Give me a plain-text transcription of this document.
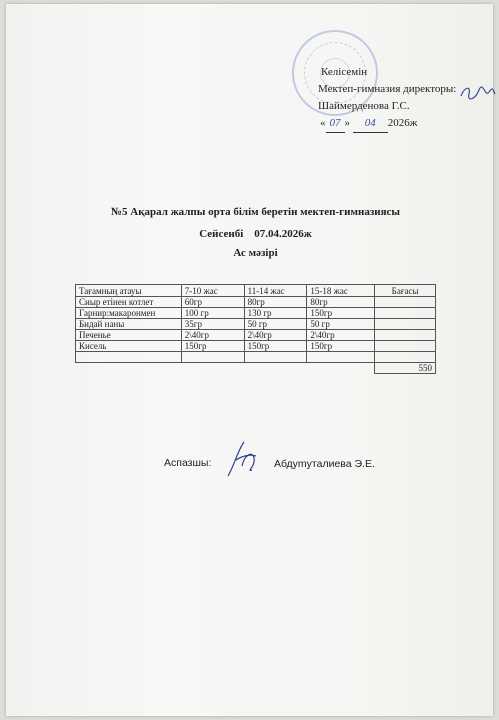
Келісемін
Мектеп-гимназия директоры:
Шаймерденова Г.С.
« 07 » 04 2026ж
№5 Ақарал жалпы орта білім беретін мектеп-гимназиясы
Сейсенбі 07.04.2026ж
Ас мәзірі
Тағамның атауы	7-10 жас	11-14 жас	15-18 жас	Бағасы
Сиыр етінен котлет	60гр	80гр	80гр	
Гарнир:макаронмен	100 гр	130 гр	150гр	
Бидай наны	35гр	50 гр	50 гр	
Печенье	2\40гр	2\40гр	2\40гр	
Кисель	150гр	150гр	150гр	

				550
Аспазшы:	Абдуmуталиева Э.Е.
